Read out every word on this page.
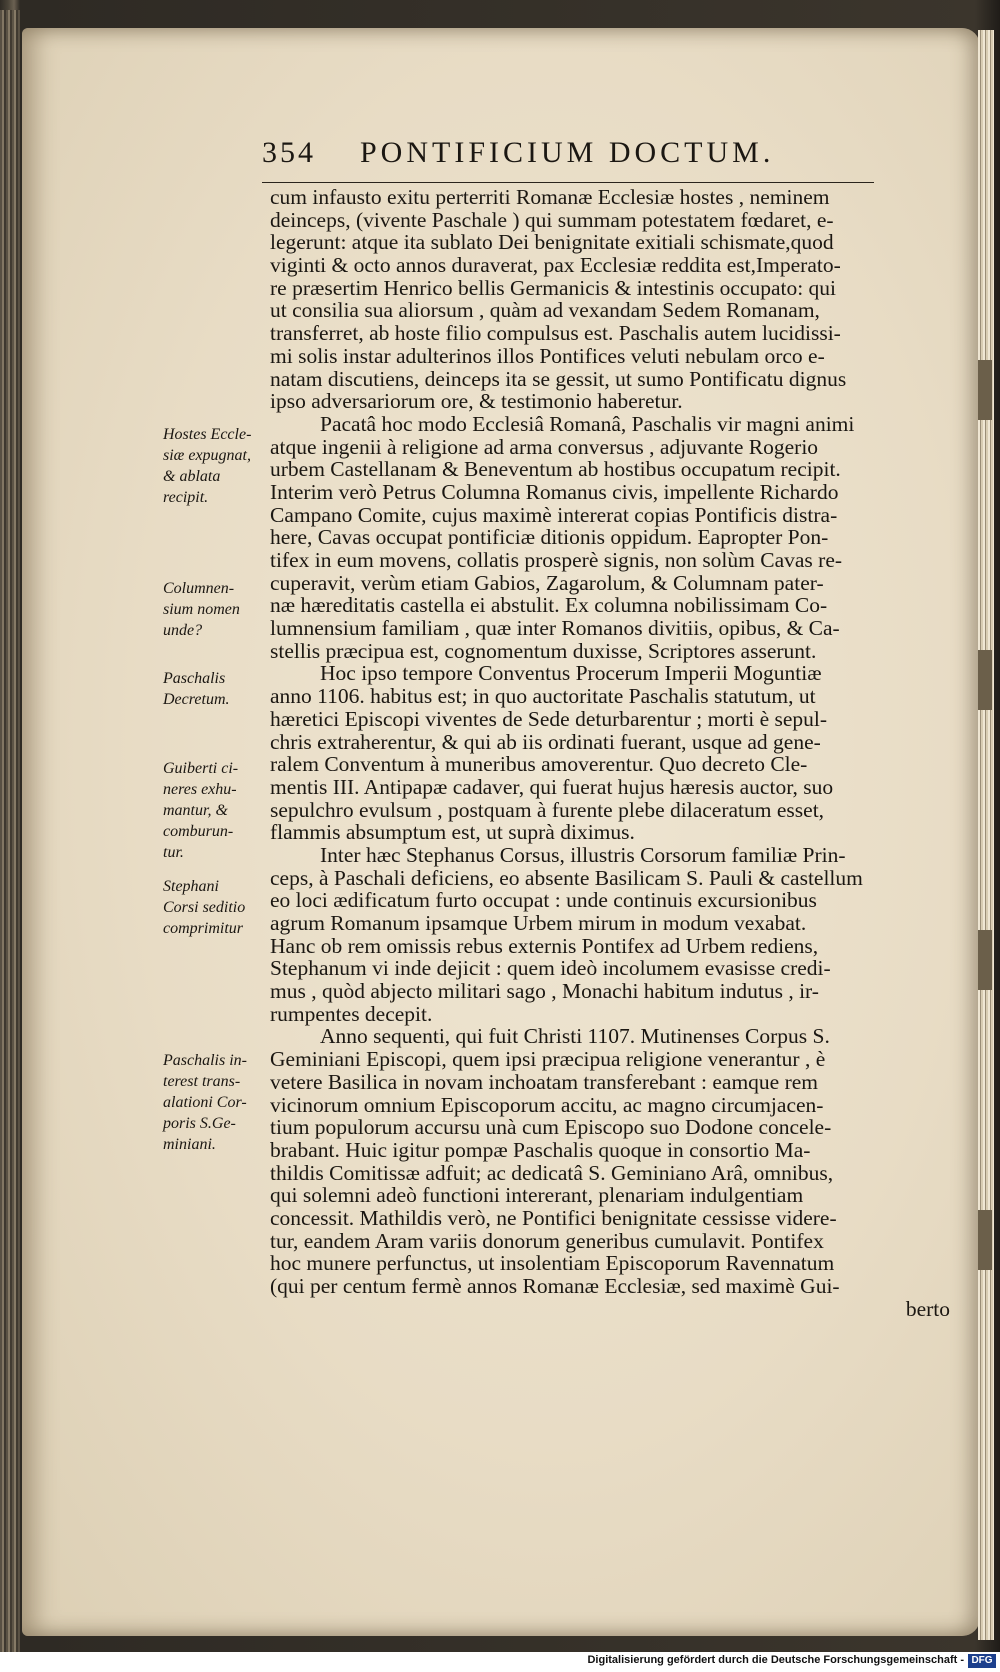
354 PONTIFICIUM DOCTUM.
cum infausto exitu perterriti Romanæ Ecclesiæ hostes , neminem
deinceps, (vivente Paschale ) qui summam potestatem fœdaret, e-
legerunt: atque ita sublato Dei benignitate exitiali schismate,quod
viginti & octo annos duraverat, pax Ecclesiæ reddita est,Imperato-
re præsertim Henrico bellis Germanicis & intestinis occupato: qui
ut consilia sua aliorsum , quàm ad vexandam Sedem Romanam,
transferret, ab hoste filio compulsus est. Paschalis autem lucidissi-
mi solis instar adulterinos illos Pontifices veluti nebulam orco e-
natam discutiens, deinceps ita se gessit, ut sumo Pontificatu dignus
ipso adversariorum ore, & testimonio haberetur.
Pacatâ hoc modo Ecclesiâ Romanâ, Paschalis vir magni animi
atque ingenii à religione ad arma conversus , adjuvante Rogerio
urbem Castellanam & Beneventum ab hostibus occupatum recipit.
Interim verò Petrus Columna Romanus civis, impellente Richardo
Campano Comite, cujus maximè intererat copias Pontificis distra-
here, Cavas occupat pontificiæ ditionis oppidum. Eapropter Pon-
tifex in eum movens, collatis prosperè signis, non solùm Cavas re-
cuperavit, verùm etiam Gabios, Zagarolum, & Columnam pater-
næ hæreditatis castella ei abstulit. Ex columna nobilissimam Co-
lumnensium familiam , quæ inter Romanos divitiis, opibus, & Ca-
stellis præcipua est, cognomentum duxisse, Scriptores asserunt.
Hoc ipso tempore Conventus Procerum Imperii Moguntiæ
anno 1106. habitus est; in quo auctoritate Paschalis statutum, ut
hæretici Episcopi viventes de Sede deturbarentur ; morti è sepul-
chris extraherentur, & qui ab iis ordinati fuerant, usque ad gene-
ralem Conventum à muneribus amoverentur. Quo decreto Cle-
mentis III. Antipapæ cadaver, qui fuerat hujus hæresis auctor, suo
sepulchro evulsum , postquam à furente plebe dilaceratum esset,
flammis absumptum est, ut suprà diximus.
Inter hæc Stephanus Corsus, illustris Corsorum familiæ Prin-
ceps, à Paschali deficiens, eo absente Basilicam S. Pauli & castellum
eo loci ædificatum furto occupat : unde continuis excursionibus
agrum Romanum ipsamque Urbem mirum in modum vexabat.
Hanc ob rem omissis rebus externis Pontifex ad Urbem rediens,
Stephanum vi inde dejicit : quem ideò incolumem evasisse credi-
mus , quòd abjecto militari sago , Monachi habitum indutus , ir-
rumpentes decepit.
Anno sequenti, qui fuit Christi 1107. Mutinenses Corpus S.
Geminiani Episcopi, quem ipsi præcipua religione venerantur , è
vetere Basilica in novam inchoatam transferebant : eamque rem
vicinorum omnium Episcoporum accitu, ac magno circumjacen-
tium populorum accursu unà cum Episcopo suo Dodone concele-
brabant. Huic igitur pompæ Paschalis quoque in consortio Ma-
thildis Comitissæ adfuit; ac dedicatâ S. Geminiano Arâ, omnibus,
qui solemni adeò functioni intererant, plenariam indulgentiam
concessit. Mathildis verò, ne Pontifici benignitate cessisse videre-
tur, eandem Aram variis donorum generibus cumulavit. Pontifex
hoc munere perfunctus, ut insolentiam Episcoporum Ravennatum
(qui per centum fermè annos Romanæ Ecclesiæ, sed maximè Gui-
berto
Hostes Eccle-
siæ expugnat,
& ablata
recipit.
Columnen-
sium nomen
unde?
Paschalis
Decretum.
Guiberti ci-
neres exhu-
mantur, &
comburun-
tur.
Stephani
Corsi seditio
comprimitur
Paschalis in-
terest trans-
alationi Cor-
poris S.Ge-
miniani.
Digitalisierung gefördert durch die Deutsche Forschungsgemeinschaft - DFG
